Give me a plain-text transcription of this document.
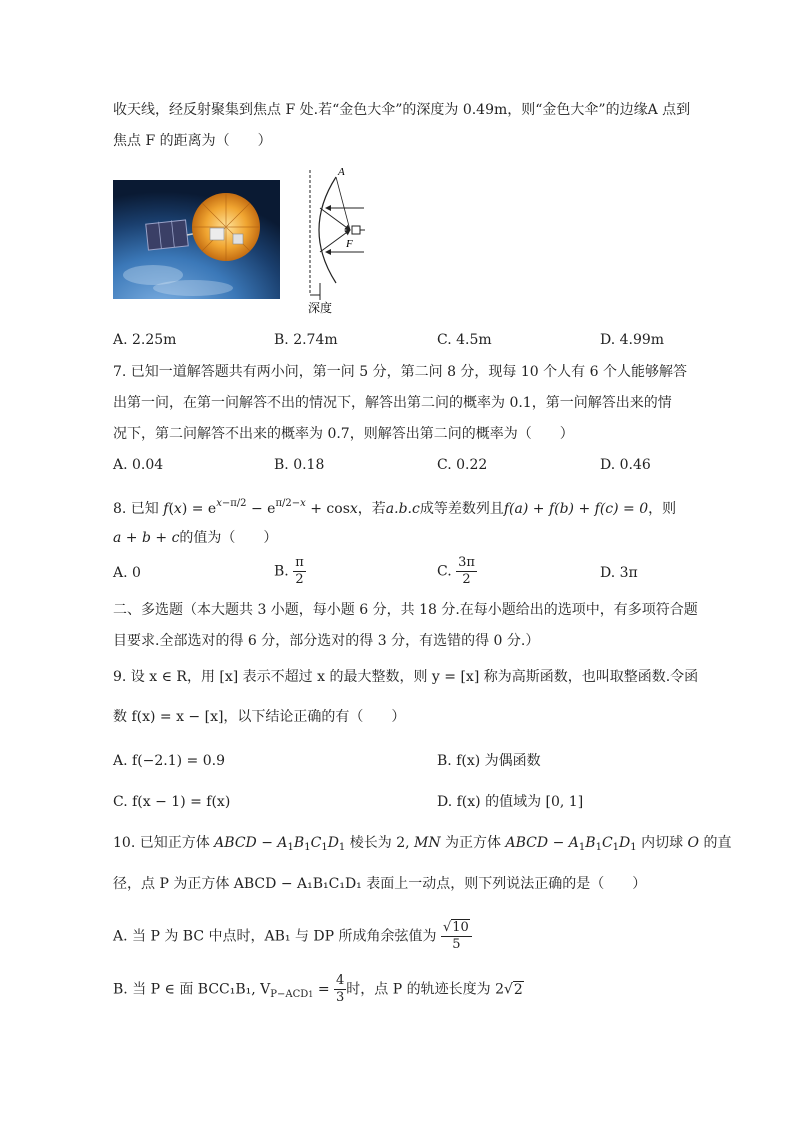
收天线，经反射聚集到焦点 F 处.若“金色大伞”的深度为 0.49m，则“金色大伞”的边缘A 点到
焦点 F 的距离为（　　）
A
F
深度
A. 2.25m	B. 2.74m	C. 4.5m	D. 4.99m
7. 已知一道解答题共有两小问，第一问 5 分，第二问 8 分，现每 10 个人有 6 个人能够解答
出第一问，在第一问解答不出的情况下，解答出第二问的概率为 0.1，第一问解答出来的情
况下，第二问解答不出来的概率为 0.7，则解答出第二问的概率为（　　）
A. 0.04	B. 0.18	C. 0.22	D. 0.46
8. 已知 $f(x) = e^{x-\pi/2} - e^{\pi/2-x} + \cos x$，若a.b.c成等差数列且f(a) + f(b) + f(c) = 0，则
a + b + c的值为（　　）
A. 0	B. $\frac{\pi}{2}$	C. $\frac{3\pi}{2}$	D. 3π
二、多选题（本大题共 3 小题，每小题 6 分，共 18 分.在每小题给出的选项中，有多项符合题
目要求.全部选对的得 6 分，部分选对的得 3 分，有选错的得 0 分.）
9. 设 x ∈ R，用 [x] 表示不超过 x 的最大整数，则 y = [x] 称为高斯函数，也叫取整函数.令函
数 f(x) = x − [x]，以下结论正确的有（　　）
A. f(−2.1) = 0.9	B. f(x) 为偶函数
C. f(x − 1) = f(x)	D. f(x) 的值域为 [0, 1]
10. 已知正方体 ABCD − $A_1B_1C_1D_1$ 棱长为 2, MN 为正方体 ABCD − $A_1B_1C_1D_1$ 内切球 O 的直
径，点 P 为正方体 ABCD − A₁B₁C₁D₁ 表面上一动点，则下列说法正确的是（　　）
A. 当 P 为 BC 中点时，AB₁ 与 DP 所成角余弦值为 $\frac{√10}{5}$
B. 当 P ∈ 面 BCC₁B₁, $V_{P-ACD1} = \frac{4}{3}$ 时，点 P 的轨迹长度为 2√2
